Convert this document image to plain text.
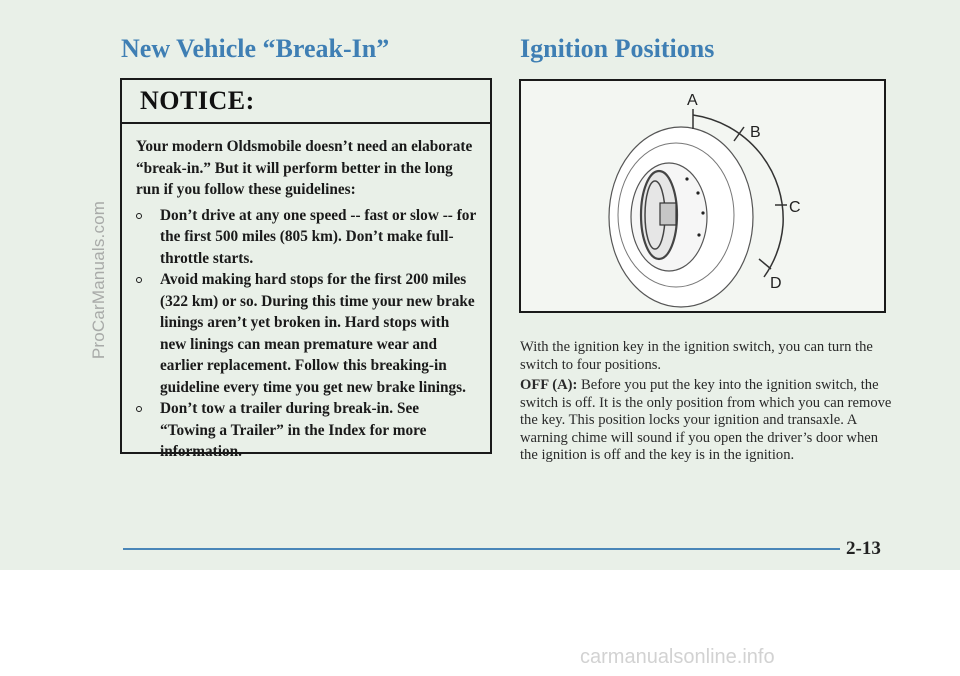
ProCarManuals.com
New Vehicle “Break-In”	Ignition Positions
NOTICE:

Your modern Oldsmobile doesn’t need an elaborate “break-in.” But it will perform better in the long run if you follow these guidelines:

Don’t drive at any one speed -- fast or slow -- for the first 500 miles (805 km). Don’t make full-throttle starts.
Avoid making hard stops for the first 200 miles (322 km) or so. During this time your new brake linings aren’t yet broken in. Hard stops with new linings can mean premature wear and earlier replacement. Follow this breaking-in guideline every time you get new brake linings.
Don’t tow a trailer during break-in. See “Towing a Trailer” in the Index for more information.
A
B
C
D

With the ignition key in the ignition switch, you can turn the switch to four positions.

OFF (A): Before you put the key into the ignition switch, the switch is off. It is the only position from which you can remove the key. This position locks your ignition and transaxle. A warning chime will sound if you open the driver’s door when the ignition is off and the key is in the ignition.

2-13
carmanualsonline.info
